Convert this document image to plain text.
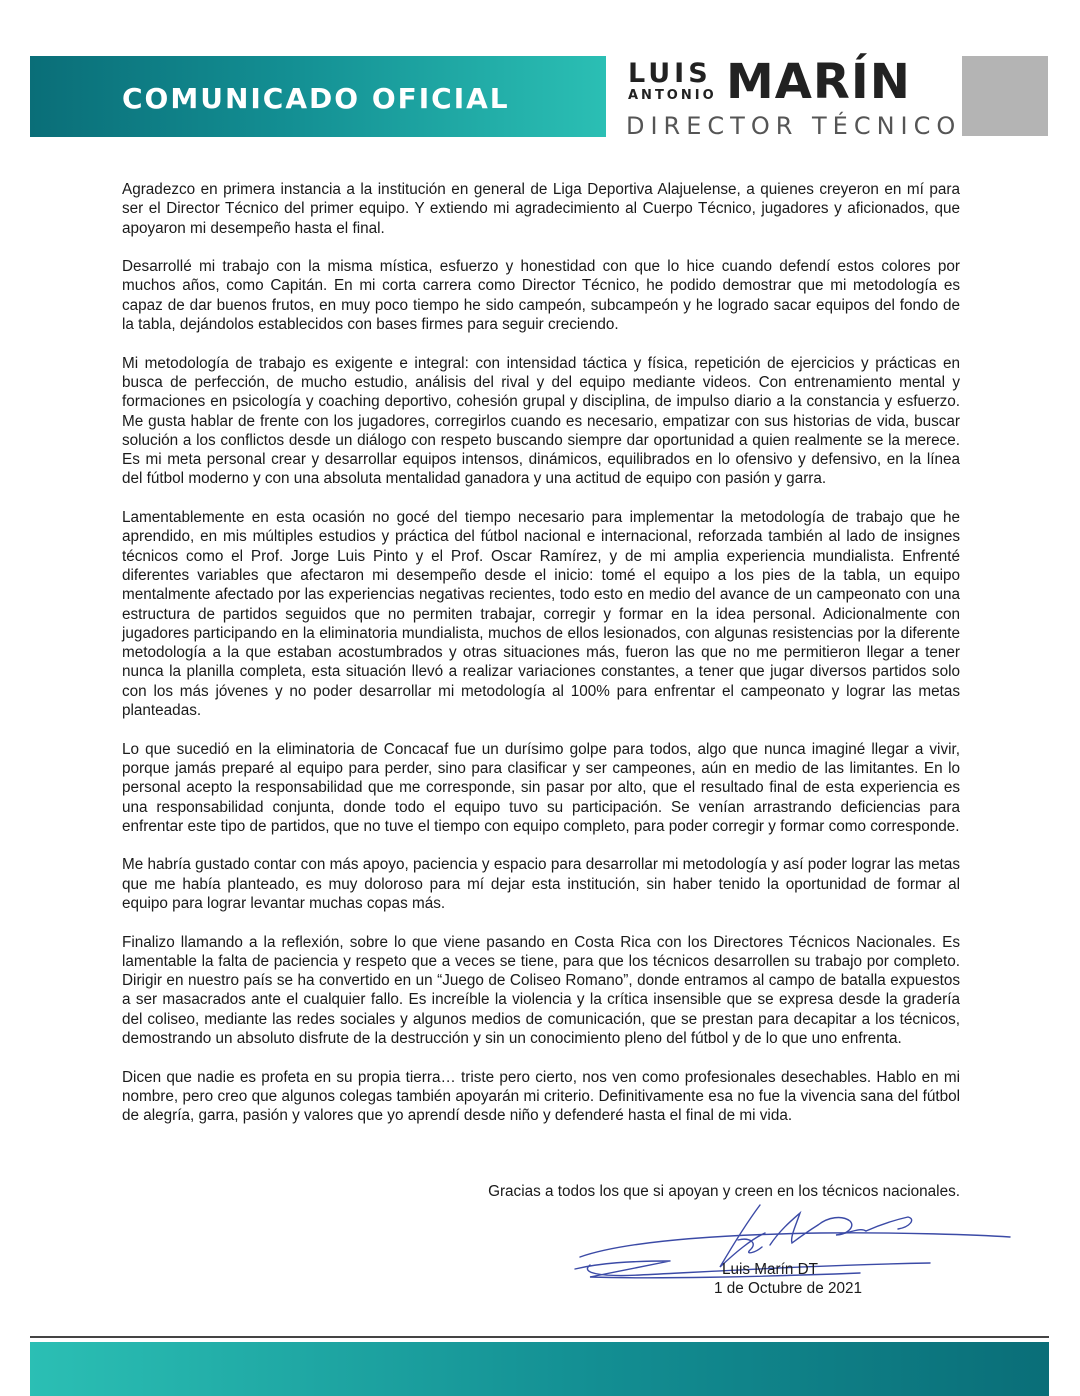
COMUNICADO OFICIAL
LUIS
ANTONIO MARÍN
DIRECTOR TÉCNICO

Agradezco en primera instancia a la institución en general de Liga Deportiva Alajuelense, a quienes creyeron en mí para ser el Director Técnico del primer equipo. Y extiendo mi agradecimiento al Cuerpo Técnico, jugadores y aficionados, que apoyaron mi desempeño hasta el final.

Desarrollé mi trabajo con la misma mística, esfuerzo y honestidad con que lo hice cuando defendí estos colores por muchos años, como Capitán. En mi corta carrera como Director Técnico, he podido demostrar que mi metodología es capaz de dar buenos frutos, en muy poco tiempo he sido campeón, subcampeón y he logrado sacar equipos del fondo de la tabla, dejándolos establecidos con bases firmes para seguir creciendo.

Mi metodología de trabajo es exigente e integral: con intensidad táctica y física, repetición de ejercicios y prácticas en busca de perfección, de mucho estudio, análisis del rival y del equipo mediante videos. Con entrenamiento mental y formaciones en psicología y coaching deportivo, cohesión grupal y disciplina, de impulso diario a la constancia y esfuerzo. Me gusta hablar de frente con los jugadores, corregirlos cuando es necesario, empatizar con sus historias de vida, buscar solución a los conflictos desde un diálogo con respeto buscando siempre dar oportunidad a quien realmente se la merece. Es mi meta personal crear y desarrollar equipos intensos, dinámicos, equilibrados en lo ofensivo y defensivo, en la línea del fútbol moderno y con una absoluta mentalidad ganadora y una actitud de equipo con pasión y garra.

Lamentablemente en esta ocasión no gocé del tiempo necesario para implementar la metodología de trabajo que he aprendido, en mis múltiples estudios y práctica del fútbol nacional e internacional, reforzada también al lado de insignes técnicos como el Prof. Jorge Luis Pinto y el Prof. Oscar Ramírez, y de mi amplia experiencia mundialista. Enfrenté diferentes variables que afectaron mi desempeño desde el inicio: tomé el equipo a los pies de la tabla, un equipo mentalmente afectado por las experiencias negativas recientes, todo esto en medio del avance de un campeonato con una estructura de partidos seguidos que no permiten trabajar, corregir y formar en la idea personal. Adicionalmente con jugadores participando en la eliminatoria mundialista, muchos de ellos lesionados, con algunas resistencias por la diferente metodología a la que estaban acostumbrados y otras situaciones más, fueron las que no me permitieron llegar a tener nunca la planilla completa, esta situación llevó a realizar variaciones constantes, a tener que jugar diversos partidos solo con los más jóvenes y no poder desarrollar mi metodología al 100% para enfrentar el campeonato y lograr las metas planteadas.

Lo que sucedió en la eliminatoria de Concacaf fue un durísimo golpe para todos, algo que nunca imaginé llegar a vivir, porque jamás preparé al equipo para perder, sino para clasificar y ser campeones, aún en medio de las limitantes. En lo personal acepto la responsabilidad que me corresponde, sin pasar por alto, que el resultado final de esta experiencia es una responsabilidad conjunta, donde todo el equipo tuvo su participación. Se venían arrastrando deficiencias para enfrentar este tipo de partidos, que no tuve el tiempo con equipo completo, para poder corregir y formar como corresponde.

Me habría gustado contar con más apoyo, paciencia y espacio para desarrollar mi metodología y así poder lograr las metas que me había planteado, es muy doloroso para mí dejar esta institución, sin haber tenido la oportunidad de formar al equipo para lograr levantar muchas copas más.

Finalizo llamando a la reflexión, sobre lo que viene pasando en Costa Rica con los Directores Técnicos Nacionales. Es lamentable la falta de paciencia y respeto que a veces se tiene, para que los técnicos desarrollen su trabajo por completo. Dirigir en nuestro país se ha convertido en un “Juego de Coliseo Romano”, donde entramos al campo de batalla expuestos a ser masacrados ante el cualquier fallo. Es increíble la violencia y la crítica insensible que se expresa desde la gradería del coliseo, mediante las redes sociales y algunos medios de comunicación, que se prestan para decapitar a los técnicos, demostrando un absoluto disfrute de la destrucción y sin un conocimiento pleno del fútbol y de lo que uno enfrenta.

Dicen que nadie es profeta en su propia tierra… triste pero cierto, nos ven como profesionales desechables. Hablo en mi nombre, pero creo que algunos colegas también apoyarán mi criterio. Definitivamente esa no fue la vivencia sana del fútbol de alegría, garra, pasión y valores que yo aprendí desde niño y defenderé hasta el final de mi vida.

Gracias a todos los que si apoyan y creen en los técnicos nacionales.
Luis Marín DT
1 de Octubre de 2021
